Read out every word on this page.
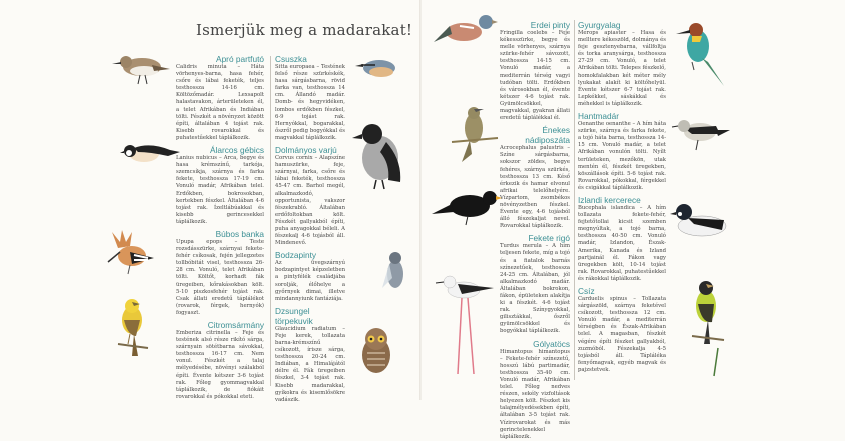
Ismerjük meg a madarakat!
Apró partfutó

Calidris minuta – Háta vörhenyes-barna, hasa fehér, csőre és lábai feketék, teljes testhossza 14-16 cm. Költözőmadár. Lexsapolt halastavakon, árterületeken él, a telet Afrikában és Indiában tölti. Fészkét a növényzet között építi, általában 4 tojást rak. Kisebb rovarokkal és puhatestűekkel táplálkozik.

Álarcos gébics

Lanius nubicus – Arca, begye és hasa krémszínű, tarkója, szemcsíkja, szárnya és farka fekete, testhossza 17-19 cm. Vonuló madár, Afrikában telel. Erdőkben, bokrosokban, kertekben fészkel. Általában 4-6 tojást rak. Ízeltlábúakkal és kisebb gerincesekkel táplálkozik.

Búbos banka

Upupa epops – Teste rozsdásszürke, szárnyai fekete-fehér csíkosak, fején jellegzetes tollbóbitát visel, testhossza 26-28 cm. Vonuló, telet Afrikában tölti. Költőt, korhadt fák üregeiben, kőrakásokban költ. 5-10 piszkosfehér tojást rak. Csak állati eredetű táplálékot (rovarok, férgek, hernyók) fogyaszt.

Citromsármány

Emberiza citrinella – Feje és testének alsó része rikító sárga, szárnyain sötétbarna sávokkal, testhossza 16-17 cm. Nem vonul. Fészkét a talaj mélyedésébe, növényi szálakból építi. Évente kétszer 3-6 tojást rak. Főleg gyommagvakkal táplálkozik, de fiókáit rovarokkal és pókokkal eteti.

Csuszka

Sitta europaea – Testének felső része szürkéskék, hasa sárgásbarna, rövid farka van, testhossza 14 cm. Állandó madár. Domb- és hegyvidéken, lombos erdőkben fészkel, 6-9 tojást rak. Hernyókkal, bogarakkal, őszről pedig bogyókkal és magvakkal táplálkozik.

Dolmányos varjú

Corvus cornix – Alapszíne hamuszürke, feje, szárnyai, farka, csőre és lábai feketék, testhossza 45-47 cm. Barhol megél, alkalmazkodó, opportunista, vakszor fészekrabló. Általában erdőfoltokban költ. Fészkét gallyakból építi, puha anyagokkal béleli. A fészekalj 4-6 tojásból áll. Mindenevő.

Bodzapinty

Az üvegszárnyú bodzapintyet képzeletben a pintyfélék családjába sorolják, élőhelye a győrnyek dimai, illetve mindannyiunk fantáziája.

Dzsungel törpekuvik

Glaucidium radiatum – Feje kerek, tollazata barna-krémszínű csíkozott, íriszе sárga, testhossza 20-24 cm. Indiában, a Himalájától délre él. Fák üregeiben fészkel, 3-4 tojást rak. Kisebb madarakkal, gyíkokra és kisemlősökre vadászik.

Erdei pinty

Fringilla coelebs – Feje kékesszürke, begye és melle vörhenyes, szárnya szürke-fehér sávozott, testhossza 14-15 cm. Vonuló madár, a mediterrán térség vagyi tudóban tölti. Erdőkben és városokban él, évente kétszer 4-6 tojást rak. Gyümölcsökkel, magvakkal, gyakran állati eredetű táplálékkal él.

Énekes nádiposzáta

Acrocephalus palustris – Színe sárgásbarna, sokszor zöldes, begye fehéres, szárnya szürkés, testhossza 13 cm. Késő érkezik és hamar elvonul afrikai telelőhelyére. Vízpartom, zsombékos növényzetben fészkel. Évente egy, 4-6 tojásból álló fészekaljat nevel. Rovarokkal táplálkozik.

Fekete rigó

Turdus merula – A hím teljesen fekete, míg a tojó és a fiatalok barnás színezetűek, testhossza 24-25 cm. Általában, jól alkalmazkodó madár. Általában bokrokon, fákon, épületeken alakítja ki a fészkét. 4-6 tojást rak. Színygyokkal, gilisztákkal, őszről gyümölcsökkel és bogyókkal táplálkozik.

Gólyatöcs

Himantopus himantopus – Fekete-fehér színezetű, hosszú lábú partimadár, testhossza 35-40 cm. Vonuló madár, Afrikában telel. Főleg nedves részen, sekély vizfoltások helyezen költ. Fészket kis talajmélyedésekben építi, általában 3-5 tojást rak. Vízirovarokat és más gerinctelenekkel táplálkozik.

Gyurgyalag

Merops apiaster – Hasa és melltere kékeszöld, dolmánya és feje gesztenyebarna, vállfoltja és torka aranysárga, testhossza 27-29 cm. Vonuló, a telet Afrikában tölti. Telepes fészkelő, homokfalakban két méter mély lyukakat alakít ki költőhelyül. Évente kétszer 6-7 tojást rak. Lepkékkel, sáskákkal és méhekkel is táplálkozik.

Hantmadár

Oenanthe oenanthe – A hím háta szürke, szárnya és farka fekete, a tojó háta barna, testhossza 14-15 cm. Vonuló madár, a telet Afrikában vonulón tölti. Nyílt területeken, mezőkön, utak mentén él, fészkét üregekben, köszállások építi. 5-6 tojást rak. Rovarokkal, pókokkal, férgekkel és csigákkal táplálkozik.

Izlandi kercerece

Bucephala islandica – A hím tollazata fekete-fehér, fejtetőtollai kicsit szemben megnyúltak, a tojó barna, testhossza 40-50 cm. Vonuló madár, Izlandon, Észak-Amerika, Kanada és Izland partjainál él. Fákon vagy üregekben költ, 10-14 tojást rak. Rovarokkal, puhatestűekkel és rákokkal táplálkozik.

Csíz

Carduelis spinus – Tollazata sárgászöld, szárnya feketével csíkozott, testhossza 12 cm. Vonuló madár, a mediterrán térségben és Észak-Afrikában telel. A magasban, fészkét végére építi fészket gallyakból, zuzmóból. Fészekalja 4-5 tojásból áll. Táplálékа fenyőmagvak, egyéb magvak és pajzstetvek.
